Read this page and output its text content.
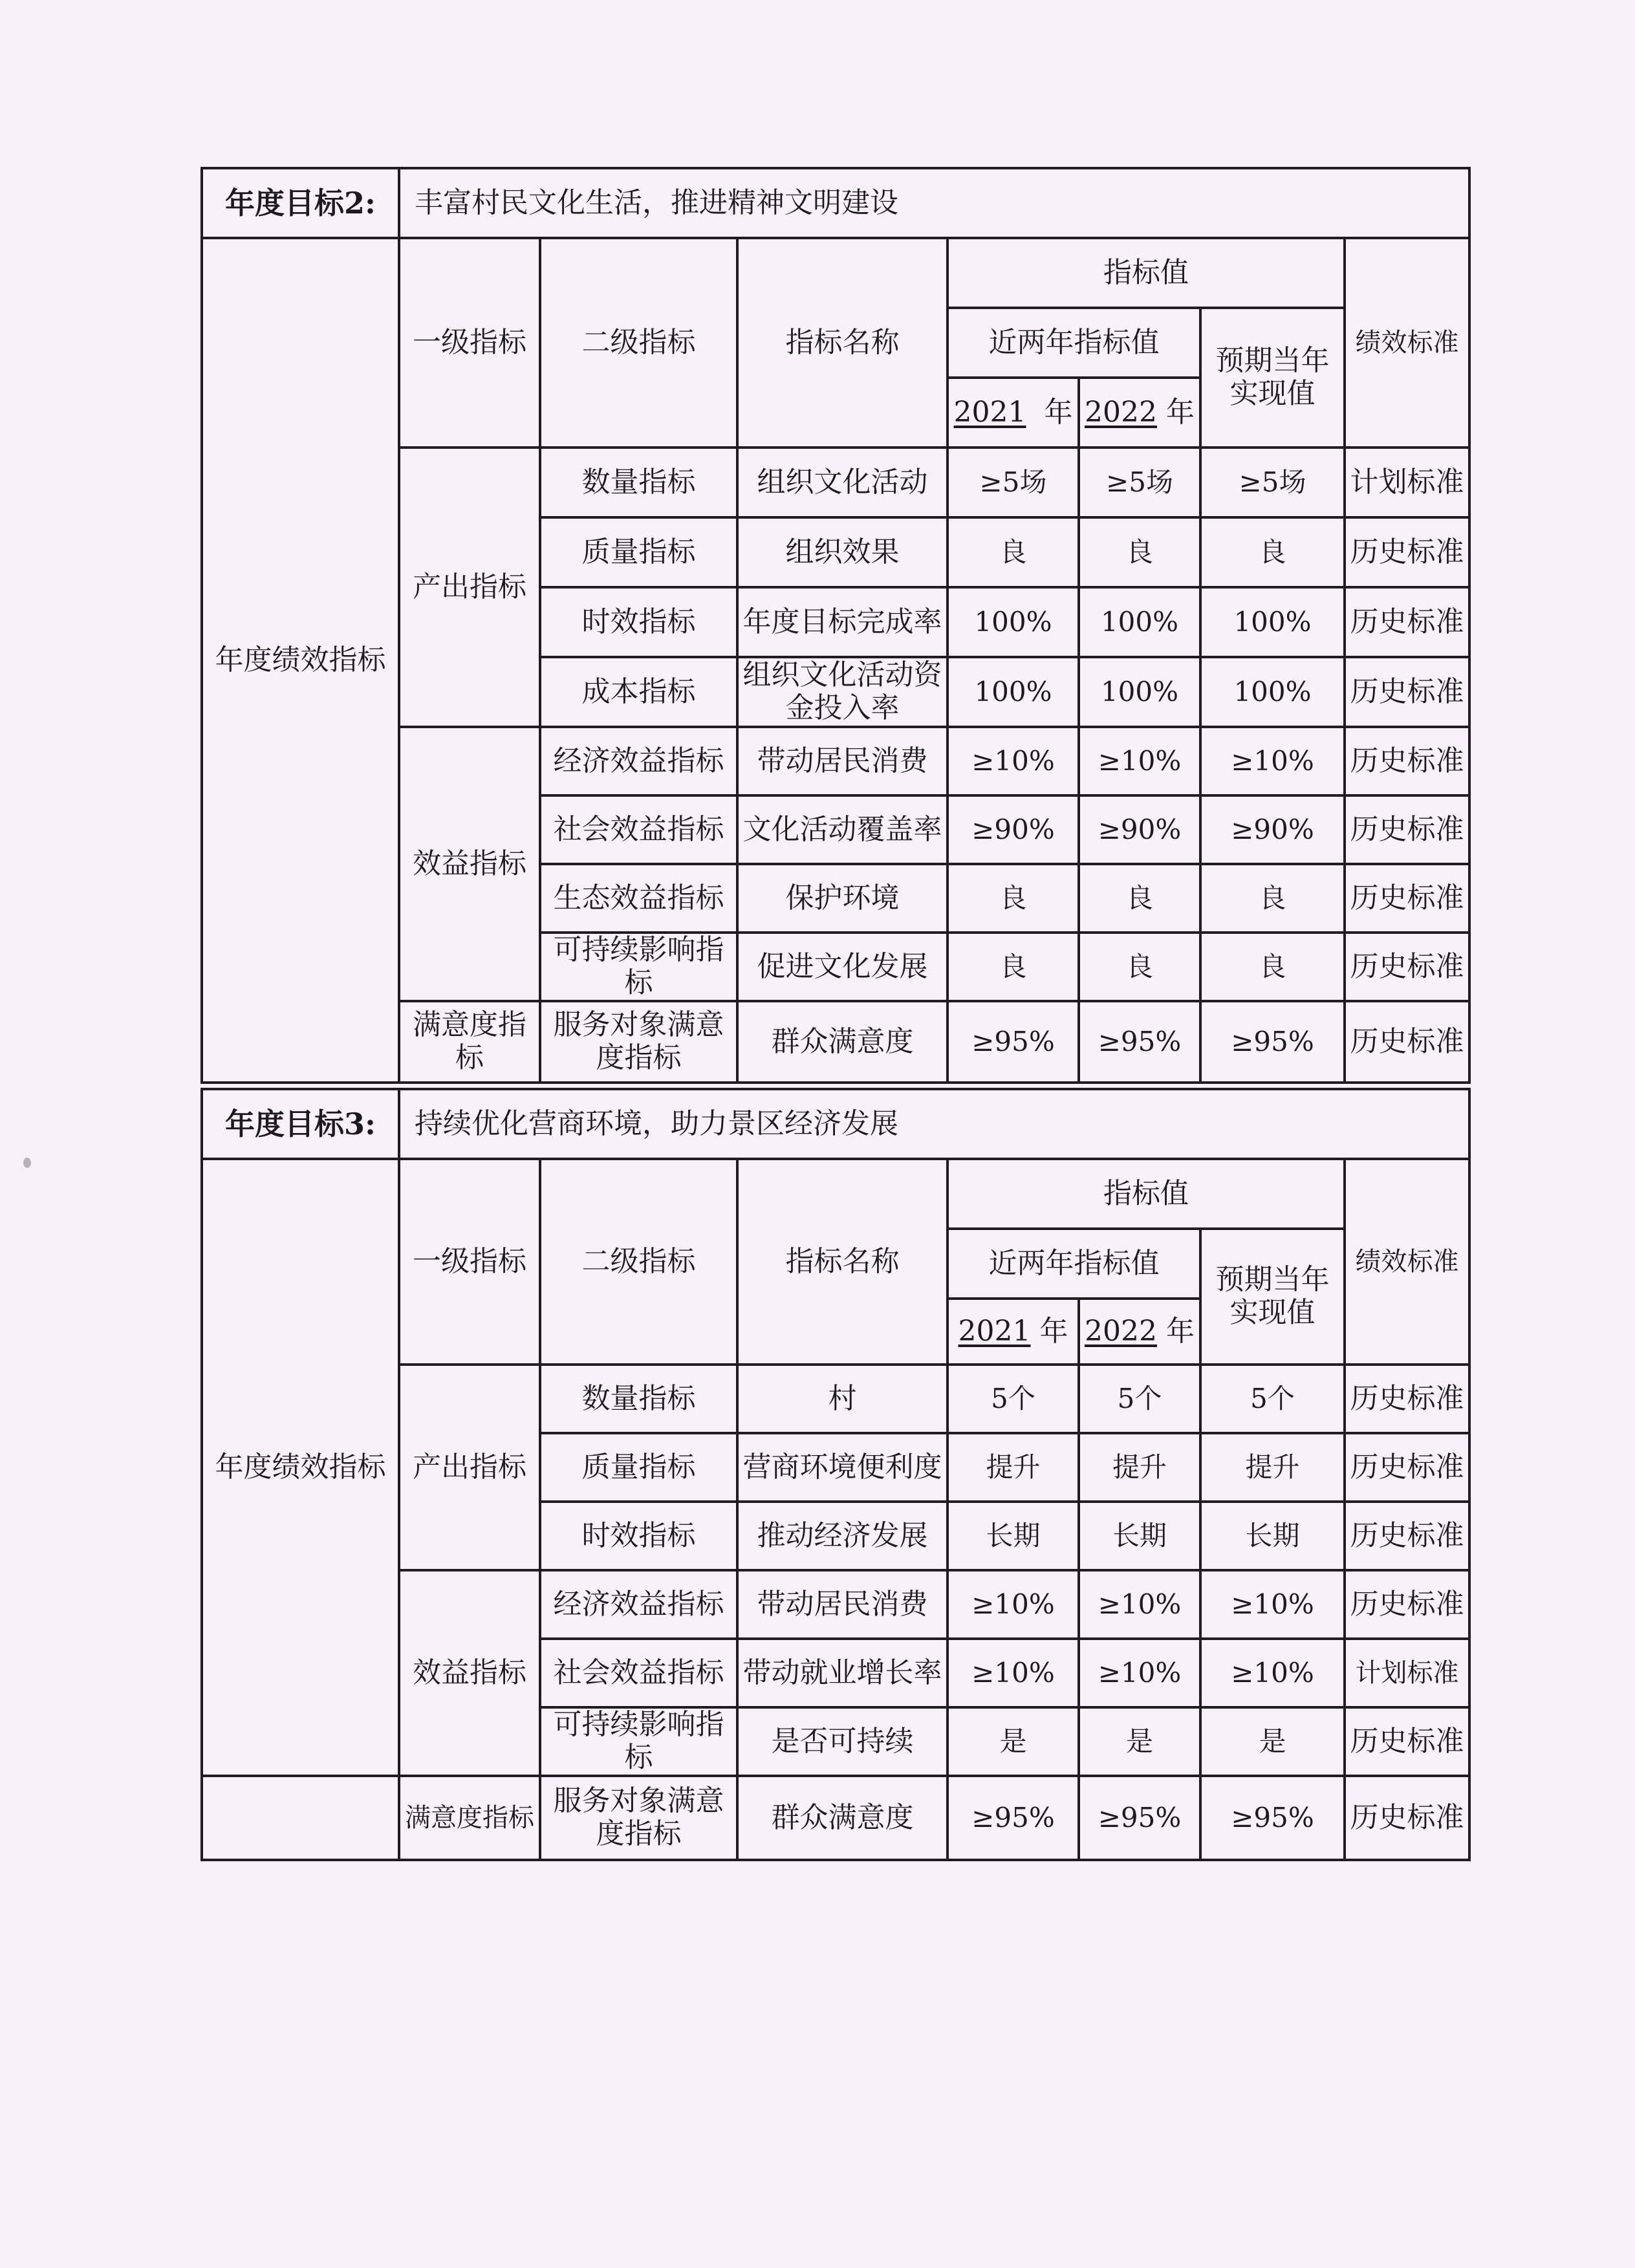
年度目标2:	丰富村民文化生活，推进精神文明建设						
年度绩效指标	一级指标	二级指标	指标名称	指标值			绩效标准
				近两年指标值		预期当年实现值	
				2021 年	2022 年		
	产出指标	数量指标	组织文化活动	≥5场	≥5场	≥5场	计划标准
		质量指标	组织效果	良	良	良	历史标准
		时效指标	年度目标完成率	100%	100%	100%	历史标准
		成本指标	组织文化活动资金投入率	100%	100%	100%	历史标准
	效益指标	经济效益指标	带动居民消费	≥10%	≥10%	≥10%	历史标准
		社会效益指标	文化活动覆盖率	≥90%	≥90%	≥90%	历史标准
		生态效益指标	保护环境	良	良	良	历史标准
		可持续影响指标	促进文化发展	良	良	良	历史标准
	满意度指标	服务对象满意度指标	群众满意度	≥95%	≥95%	≥95%	历史标准
年度目标3:	持续优化营商环境，助力景区经济发展						
年度绩效指标	一级指标	二级指标	指标名称	指标值			绩效标准
				近两年指标值		预期当年实现值	
				2021 年	2022 年		
	产出指标	数量指标	村	5个	5个	5个	历史标准
		质量指标	营商环境便利度	提升	提升	提升	历史标准
		时效指标	推动经济发展	长期	长期	长期	历史标准
	效益指标	经济效益指标	带动居民消费	≥10%	≥10%	≥10%	历史标准
		社会效益指标	带动就业增长率	≥10%	≥10%	≥10%	计划标准
		可持续影响指标	是否可持续	是	是	是	历史标准
	满意度指标	服务对象满意度指标	群众满意度	≥95%	≥95%	≥95%	历史标准
